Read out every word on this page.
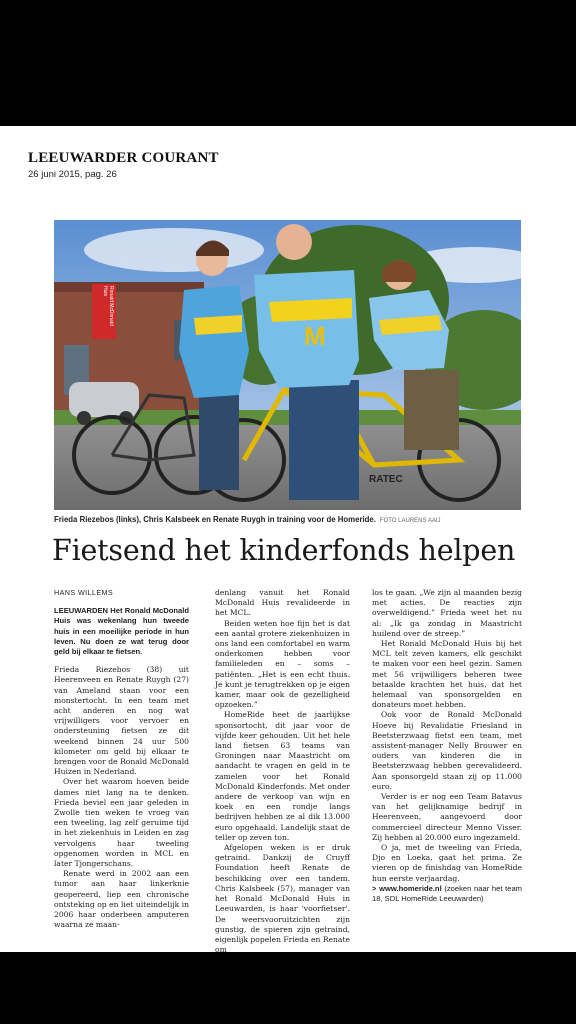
LEEUWARDER COURANT
26 juni 2015, pag. 26
RATEC
M
Ronald McDonald Huis
Frieda Riezebos (links), Chris Kalsbeek en Renate Ruygh in training voor de Homeride. FOTO LAURENS AAIJ
Fietsend het kinderfonds helpen
HANS WILLEMS

LEEUWARDEN Het Ronald McDonald Huis was wekenlang hun tweede huis in een moeilijke periode in hun leven. Nu doen ze wat terug door geld bij elkaar te fietsen.

Frieda Riezebos (38) uit Heerenveen en Renate Ruygh (27) van Ameland staan voor een monstertocht. In een team met acht anderen en nog wat vrijwilligers voor vervoer en ondersteuning fietsen ze dit weekend binnen 24 uur 500 kilometer om geld bij elkaar te brengen voor de Ronald McDonald Huizen in Nederland.

Over het waarom hoeven beide dames niet lang na te denken. Frieda beviel een jaar geleden in Zwolle tien weken te vroeg van een tweeling, lag zelf geruime tijd in het ziekenhuis in Leiden en zag vervolgens haar tweeling opgenomen worden in MCL en later Tjongerschans.

Renate werd in 2002 aan een tumor aan haar linkerknie geopereerd, liep een chronische ontsteking op en liet uiteindelijk in 2006 haar onderbeen amputeren waarna ze maan-

denlang vanuit het Ronald McDonald Huis revalideerde in het MCL.

Beiden weten hoe fijn het is dat een aantal grotere ziekenhuizen in ons land een comfortabel en warm onderkomen hebben voor familieleden en – soms – patiënten. „Het is een echt thuis. Je kunt je terugtrekken op je eigen kamer, maar ook de gezelligheid opzoeken.”

HomeRide heet de jaarlijkse sponsortocht, dit jaar voor de vijfde keer gehouden. Uit het hele land fietsen 63 teams van Groningen naar Maastricht om aandacht te vragen en geld in te zamelen voor het Ronald McDonald Kinderfonds. Met onder andere de verkoop van wijn en koek en een rondje langs bedrijven hebben ze al dik 13.000 euro opgehaald. Landelijk staat de teller op zeven ton.

Afgelopen weken is er druk getraind. Dankzij de Cruyff Foundation heeft Renate de beschikking over een tandem. Chris Kalsbeek (57), manager van het Ronald McDonald Huis in Leeuwarden, is haar 'voorfietser'. De weersvooruitzichten zijn gunstig, de spieren zijn getraind, eigenlijk popelen Frieda en Renate om

los te gaan. „We zijn al maanden bezig met acties. De reacties zijn overweldigend.” Frieda weet het nu al: „Ik ga zondag in Maastricht huilend over de streep.”

Het Ronald McDonald Huis bij het MCL telt zeven kamers, elk geschikt te maken voor een heel gezin. Samen met 56 vrijwilligers beheren twee betaalde krachten het huis, dat het helemaal van sponsorgelden en donateurs moet hebben.

Ook voor de Ronald McDonald Hoeve bij Revalidatie Friesland in Beetsterzwaag fietst een team, met assistent-manager Nelly Brouwer en ouders van kinderen die in Beetsterzwaag hebben gerevalideerd. Aan sponsorgeld staan zij op 11.000 euro.

Verder is er nog een Team Batavus van het gelijknamige bedrijf in Heerenveen, aangevoerd door commercieel directeur Menno Visser. Zij hebben al 20.000 euro ingezameld.

O ja, met de tweeling van Frieda, Djo en Loeka, gaat het prima. Ze vieren op de finishdag van HomeRide hun eerste verjaardag.

> www.homeride.nl (zoeken naar het team 18, SDL HomeRide Leeuwarden)
